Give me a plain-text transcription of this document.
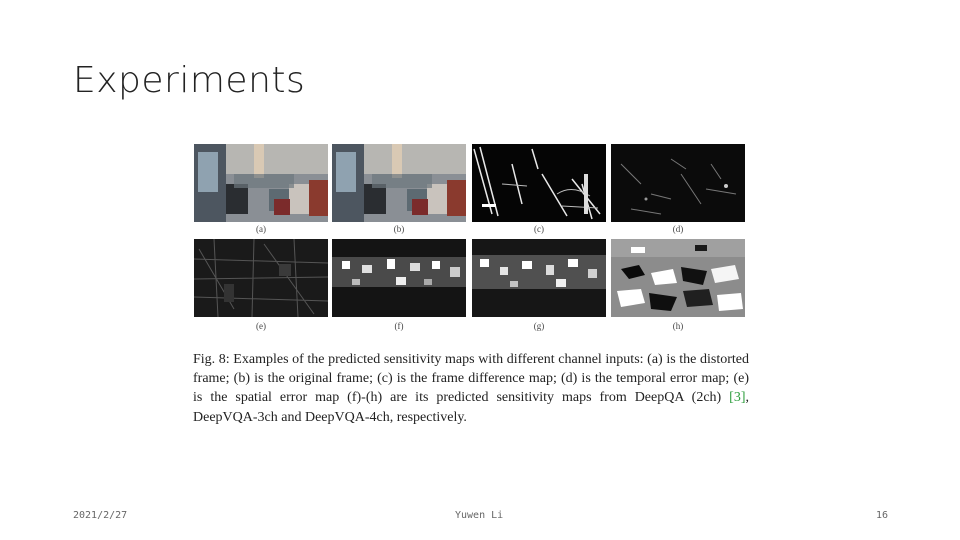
Experiments
(a)	(b)	(c)	(d)
(e)	(f)	(g)	(h)
Fig. 8: Examples of the predicted sensitivity maps with different channel inputs: (a) is the distorted frame; (b) is the original frame; (c) is the frame difference map; (d) is the temporal error map; (e) is the spatial error map (f)-(h) are its predicted sensitivity maps from DeepQA (2ch) [3], DeepVQA-3ch and DeepVQA-4ch, respectively.
2021/2/27	Yuwen Li	16
